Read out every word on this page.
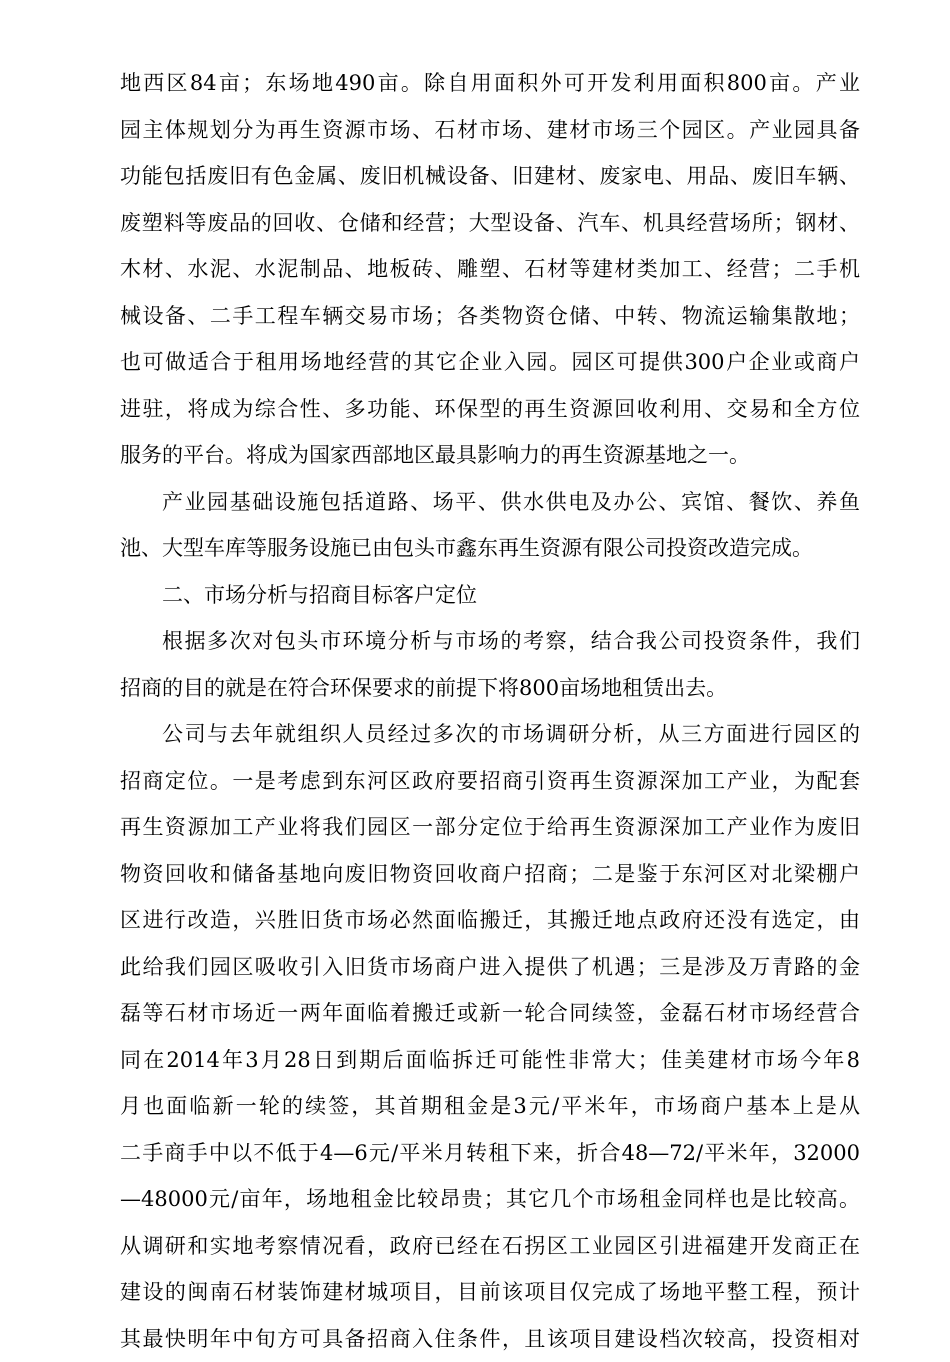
地西区84亩；东场地490亩。除自用面积外可开发利用面积800亩。产业
园主体规划分为再生资源市场、石材市场、建材市场三个园区。产业园具备
功能包括废旧有色金属、废旧机械设备、旧建材、废家电、用品、废旧车辆、
废塑料等废品的回收、仓储和经营；大型设备、汽车、机具经营场所；钢材、
木材、水泥、水泥制品、地板砖、雕塑、石材等建材类加工、经营；二手机
械设备、二手工程车辆交易市场；各类物资仓储、中转、物流运输集散地；
也可做适合于租用场地经营的其它企业入园。园区可提供300户企业或商户
进驻，将成为综合性、多功能、环保型的再生资源回收利用、交易和全方位
服务的平台。将成为国家西部地区最具影响力的再生资源基地之一。
产业园基础设施包括道路、场平、供水供电及办公、宾馆、餐饮、养鱼
池、大型车库等服务设施已由包头市鑫东再生资源有限公司投资改造完成。
二、市场分析与招商目标客户定位
根据多次对包头市环境分析与市场的考察，结合我公司投资条件，我们
招商的目的就是在符合环保要求的前提下将800亩场地租赁出去。
公司与去年就组织人员经过多次的市场调研分析，从三方面进行园区的
招商定位。一是考虑到东河区政府要招商引资再生资源深加工产业，为配套
再生资源加工产业将我们园区一部分定位于给再生资源深加工产业作为废旧
物资回收和储备基地向废旧物资回收商户招商；二是鉴于东河区对北梁棚户
区进行改造，兴胜旧货市场必然面临搬迁，其搬迁地点政府还没有选定，由
此给我们园区吸收引入旧货市场商户进入提供了机遇；三是涉及万青路的金
磊等石材市场近一两年面临着搬迁或新一轮合同续签，金磊石材市场经营合
同在2014年3月28日到期后面临拆迁可能性非常大；佳美建材市场今年8
月也面临新一轮的续签，其首期租金是3元/平米年，市场商户基本上是从
二手商手中以不低于4—6元/平米月转租下来，折合48—72/平米年，32000
—48000元/亩年，场地租金比较昂贵；其它几个市场租金同样也是比较高。
从调研和实地考察情况看，政府已经在石拐区工业园区引进福建开发商正在
建设的闽南石材装饰建材城项目，目前该项目仅完成了场地平整工程，预计
其最快明年中旬方可具备招商入住条件，且该项目建设档次较高，投资相对
